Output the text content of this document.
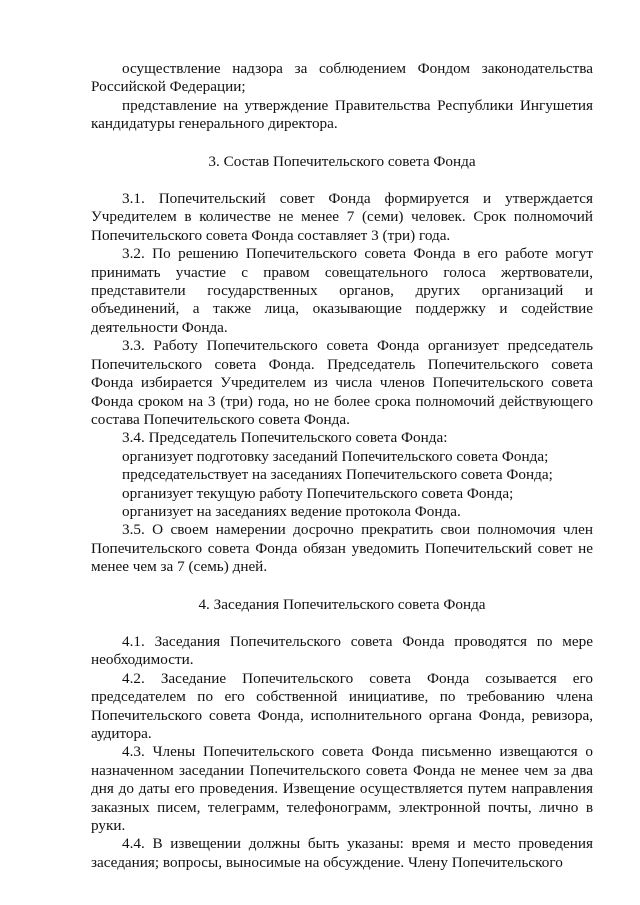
осуществление надзора за соблюдением Фондом законодательства Российской Федерации;

представление на утверждение Правительства Республики Ингушетия кандидатуры генерального директора.

3. Состав Попечительского совета Фонда

3.1. Попечительский совет Фонда формируется и утверждается Учредителем в количестве не менее 7 (семи) человек. Срок полномочий Попечительского совета Фонда составляет 3 (три) года.

3.2. По решению Попечительского совета Фонда в его работе могут принимать участие с правом совещательного голоса жертвователи, представители государственных органов, других организаций и объединений, а также лица, оказывающие поддержку и содействие деятельности Фонда.

3.3. Работу Попечительского совета Фонда организует председатель Попечительского совета Фонда. Председатель Попечительского совета Фонда избирается Учредителем из числа членов Попечительского совета Фонда сроком на 3 (три) года, но не более срока полномочий действующего состава Попечительского совета Фонда.

3.4. Председатель Попечительского совета Фонда:

организует подготовку заседаний Попечительского совета Фонда;

председательствует на заседаниях Попечительского совета Фонда;

организует текущую работу Попечительского совета Фонда;

организует на заседаниях ведение протокола Фонда.

3.5. О своем намерении досрочно прекратить свои полномочия член Попечительского совета Фонда обязан уведомить Попечительский совет не менее чем за 7 (семь) дней.

4. Заседания Попечительского совета Фонда

4.1. Заседания Попечительского совета Фонда проводятся по мере необходимости.

4.2. Заседание Попечительского совета Фонда созывается его председателем по его собственной инициативе, по требованию члена Попечительского совета Фонда, исполнительного органа Фонда, ревизора, аудитора.

4.3. Члены Попечительского совета Фонда письменно извещаются о назначенном заседании Попечительского совета Фонда не менее чем за два дня до даты его проведения. Извещение осуществляется путем направления заказных писем, телеграмм, телефонограмм, электронной почты, лично в руки.

4.4. В извещении должны быть указаны: время и место проведения заседания; вопросы, выносимые на обсуждение. Члену Попечительского
